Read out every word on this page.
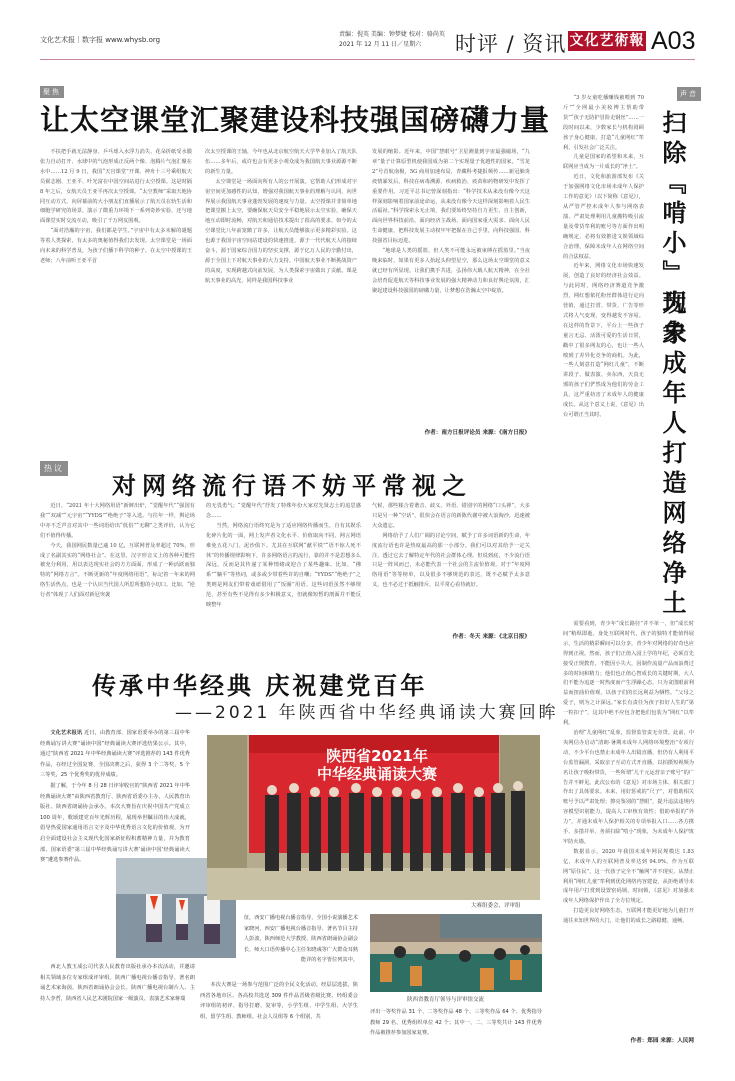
文化艺术报｜数字报 www.whysb.org
责编：倪英 美编：钟梦婕 校对：骆尚英
2021 年 12 月 11 日／星期六	时评 / 资讯 文化艺術報 A03
聚焦
让太空课堂汇聚建设科技强国磅礴力量

不扶把手就无法静身、乒乓球入水浮力消失、花朵折纸受水膜张力自动打开、水球中的气泡形成正反两个像、泡腾片气泡汇聚在水中……12 月 9 日，我国“天宫课堂”开课。神舟十三号乘组航天员翟志刚、王亚平、叶光富在中国空间站进行太空授课。这是时隔 8 年之后，女航天员王亚平再次太空授课。“太空教师”采取天地协同互动方式，向屏幕前的大小朋友们直播展示了航天员在轨生活和细胞学研究的场景，演示了微重力环境下一系列奇妙实验，还与地面课堂实时交流互动，吸引了千万网友围观。

“面对浩瀚的宇宙，我们都是学生。”宇宙中有太多未解的谜题等着人类探索，有太多的奥秘值得我们去发现。太空课堂是一场面向未来的科学普及，为孩子们播下科学的种子。在太空中授课的王老师；八年前听王亚平首

次太空授课的王轴，今年也从北京航空航天大学毕业加入了航天队伍……多年后，或许也会有更多小观众成为我国航天事业源源不断的新生力量。

太空课堂是一场面向所有人的公开展演。它帮助人们形成对宇宙空间更加感性的认知，增强对我国航天事业的理解与认同，向世界展示我国航天事业蓬勃发展的速度与力量。太空授课并非简单地把课堂搬上太空，要确保航天员安全平稳地展示太空实验，确保天地互动即时流畅，对航天和通信技术提出了很高的要求。如今的太空课堂比八年前宽敞了许多，让航天员能够演示更多精彩实验。这也源于我国宇宙空间站建设的快速推进，源于一代代航天人的接续奋斗，源于国家综合国力的坚实支撑，源于亿万人民的辛勤付出，源于全国上下对航天事业的大力支持。中国航天事业不断挑战资产的高度，实现跨越式向前发展，为人类探索宇宙做出了贡献。课是航天事业的高光，同样是我国科技事业

发展的缩影。近年来，中国“慧眼号”卫星测量到宇宙最强磁场，“九章”量子计算原型机使我国成为第二个实现量子优越性的国家，“雪龙 2”号首航南极，5G 商用加速布局，青藏科考捷报频传……新冠肺炎疫情暴发后，科技在病毒溯源、疾病救治、疫苗和药物研发中发挥了重要作用。习近平总书记曾深刻指出：“科学技术从来没有像今天这样深刻影响着国家前途命运，从来没有像今天这样深刻影响着人民生活福祉。”科学探索永无止境，我们要始终坚持自力更生、自主创新，面向世界科技前沿、面向经济主战场、面向国家重大需求、面向人民生命健康，把科技发展主动权牢牢把握在自己手里，向科技强国、科技强省目标迈进。

“地球是人类的摇篮，但人类不可能永远被束缚在摇篮里。”当夜晚来临时，如果有更多人抬起头仰望星空，那么这场太空课堂的意义就已经有所显现。让我们携手共进，弘扬伟大载人航天精神，在全社会培育促进航天等科技事业发展的强大精神动力和良好舆论氛围，汇聚起建设科技强国的磅礴力量，让梦想在浩瀚太空中绽放。

作者：南方日报评论员 来源：《南方日报》
热议
对网络流行语不妨平常视之

近日，“2021 年十大网络用语”新鲜出炉，“觉醒年代”“强国有我”“双减”“元宇宙”“YYDS”“绝绝子”等入选。与往年一样，舆论场中亦不乏声音对其中一些词语给出“低俗”“无聊”之类评价，认为它们不值得传播。

今天，我国网民数量已逾 10 亿，互联网普及率超过 70%，形成了名副其实的“网络社会”。在这里，汉字形音义上的各种可能性被充分利用，用以表达现实社会的方方面面，形成了一种活跃而独特的“网络方言”。不断更新的“年度网络用语”，标记着一年来的网络生活热点，也是一个认识当代国人所思所想的小切口。比如，“逆行者”体现了人们面对新冠突袭

的无畏勇气；“觉醒年代”抒发了特殊年份大家对先贤志士的追思感念……

当然，网络流行语终究是为了适应网络传播而生，自有其娱乐化碎片化的一面，网上发声者文化水平、价值取向不同，网言网语难免五花八门、泥沙俱下。尤其在互联网“献平铁”“语不惊人死不休”的传播规律影响下，许多网络语言的流行，靠的并不是思想多么深远，反而是其传递了某种情绪或迎合了某些趣味。比如，“佛系”“躺平”等热词，或多或少带着些许的自嘲；“YYDS”“绝绝子”之类则是网友们带着戏谑借用了“饭圈”用语。这些词语虽然不够规范，甚至有些不见得有多少积极意义，但就像短暂的剖面并不能反映整年

气候，那些糅合着谐音、歧义、外语、错别字的网络“口头禅”，大多只是另一种“空话”，很快会在语言的新陈代谢中被大浪淘沙，迅速被大众遗忘。

网络给予了人们广阔的讨论空间，赋予了许多词语新的生命，年度流行语也许是热度最高的那一小部分。我们可以对其给予一定关注，透过它去了解特定年代的社会群体心理。但说到底，不少流行语只是一阵风而已，未必能代表一个社会的主流价值观。对于“年度网络用语”等等榜单，以及很多不够规范的表达，既不必赋予太多意义，也不必过于抵触排斥，以平常心看待就好。

作者：冬天 来源：《北京日报》
传承中华经典 庆祝建党百年
——2021 年陕西省中华经典诵读大赛回眸

文化艺术报讯 近日，由教育部、国家语委举办的第三届中华经典诵写讲大赛“诵读中国”经典诵读大赛评选结果公示。其中，通过“陕西省 2021 年中华经典诵读大赛”评选推荐的 143 件优秀作品，在经过全国复赛、全国决赛之后，获得 3 个二等奖，5 个三等奖，25 个优秀奖的优异成绩。

据了解，于今年 8 月 28 日评审收官的“陕西省 2021 年中华经典诵读大赛”由陕西省教育厅、陕西省语委办主办，人民教育出版社、陕西省朗诵协会承办。本次大赛旨在庆祝中国共产党成立 100 周年，歌颂建党百年光辉历程，展现举世瞩目的伟大成就，倡导热爱国家通用语言文字及中华优秀语言文化的价值观，为开启全面建设社会主义现代化国家新征程积蓄精神力量，并为教育部、国家语委“第三届中华经典诵写讲大赛‘诵读中国’经典诵读大赛”遴选参赛作品。

西北人教玉成公司代表人民教育出版社承办本次活动，并邀请相关领域多位专家组成评审组。陕西广播电视台播音指导、著名朗诵艺术家海茵，陕西省朗诵协会会长、陕西广播电视台制片人、主持人李哲，陕西省人民艺术剧院国家一级演员、表演艺术家蒋瑞

陕西省2021年
中华经典诵读大赛
大赛组委会、评审组

征，西安广播电视台播音指导，全国小说演播艺术家晓河，西安广播电视台播音指导、著名节目主持人彭波，陕西师范大学教授、陕西省朗诵协会副会长、师大口语传播中心主任朱晓彧等广大群众耳熟能详的名字皆位列其中。

本次大赛是一场参与范围广泛的全民文化活动。经层层选拔，陕西省各地市区、各高校共选送 309 件作品晋级省级比赛。经组委会评审组的初评、指导打磨、复审等，小学生组、中学生组、大学生组、留学生组、教师组、社会人员组等 6 个组别，共

陕西省教育厅领导与评审组交流

评出一等奖作品 31 个、二等奖作品 48 个、三等奖作品 64 个、优秀指导教师 29 名、优秀组织单位 42 个；其中一、二、三等奖共计 143 件优秀作品被推荐参加国家复赛。

声音
扫除『啃小』现象
为未成年人打造网络净土

“3 岁女童吃播赚钱被喂到 70 斤”“全网最小美妆博主帮助带货”“孩子无防护冒险走钢丝”……一段时间以来，少数家长与机构罔顾孩子身心健康，打造“儿童网红”牟利，引发社会广泛关注。

儿童是国家的希望和未来，互联网应当成为一片成长的“净土”。

近日，文化和旅游部发布《关于加强网络文化市场未成年人保护工作的意见》（以下简称《意见》），从严管严控未成年人参与网络表演、严肃处理利用儿童搬特吸引流量及带货牟利的账号等方面作出明确规定，必将有效推进文娱领域综合治理，保障未成年人在网络空间的合法权益。

近年来，网络文化市场快速发展，创造了良好的经济社会效益。与此同时，网络经济赛道竞争激烈，网红想依托粉丝群体进行定向营销，通过打赏、带货、广告等形式将人气变现，变得越发不容易。在这样的背景下，平台上一些孩子童言无忌、活泼可爱的生活日常，戳中了很多网友的心，也让一些人嗅到了差异化竞争的商机。为此，一些人刻意打造“网红儿童”，不断讲段子、做表演、卖东西，天真无邪的孩子们俨然成为他们的劳金工具，这严重妨害了未成年人的健康成长。从这个意义上说，《意见》出台可谓正当其时。

需要看到，青少年“成长路径”并不单一，但“成长时间”稍纵即逝。身处互联网时代，孩子的独特才能值得展示，生活的精彩瞬间可以分享，青少年对网络的好奇也应得到正视。然而，孩子们正值入园上学的年纪，必须首先接受正规教育，不能因小失大，因制作流量产品而浪费过多的时间和精力；他们也正值心智成长的关键时期，大人们不能为追逐一时热度而产生浮躁心态，只为贪图眼前利益而扭曲价值观，以孩子们的长远利益为牺牲。“父母之爱子，则为之计深远。”家长有责任为孩子扣好人生的“第一粒扣子”，这其中绝不应包含把他们包装为“网红”以牟利。

治理“儿童网红”乱象，监督监管责无旁贷。此前，中央网信办启动“清朗·暑期未成年人网络环境整治”专项行动，不少平台也禁止未成年人出镜直播，但仍有人利用平台监管漏洞，采取亲子互动方式开直播，以拍摄短视频为名让孩子吸粉带货，一些所谓“儿千元运营亲子账号”的广告并不鲜见。此次公布的《意见》对市场主体、相关部门作出了具体要求。未来，用好惩戒的“尺子”，对借助相关账号予以严肃处理；擦亮鉴别的“慧眼”，提升违法违规内容模型识别能力，提高人工审核有效性；借助举报的“外力”，并通未成年人保护相关的专项举报入口……各方携手、多措并举，务须扫除“啃小”现象，为未成年人保护筑牢防火墙。

数据显示，2020 年我国未成年网民规模达 1.83 亿，未成年人的互联网普及率达到 94.9%。作为互联网“原住民”，这一代孩子完全不“触网”并不现实。从禁止利用“网红儿童”牟利到优化网络内容建设，从拒绝诱导未成年用户打赏到设置密码锁、时间锁，《意见》对加强未成年人网络保护作出了全方位规定。

打造更良好网络生态，互联网才能更好地为儿童打开通往未知世界的大门，让他们的成长之路稳健、通畅。

作者：郑园 来源：人民网
